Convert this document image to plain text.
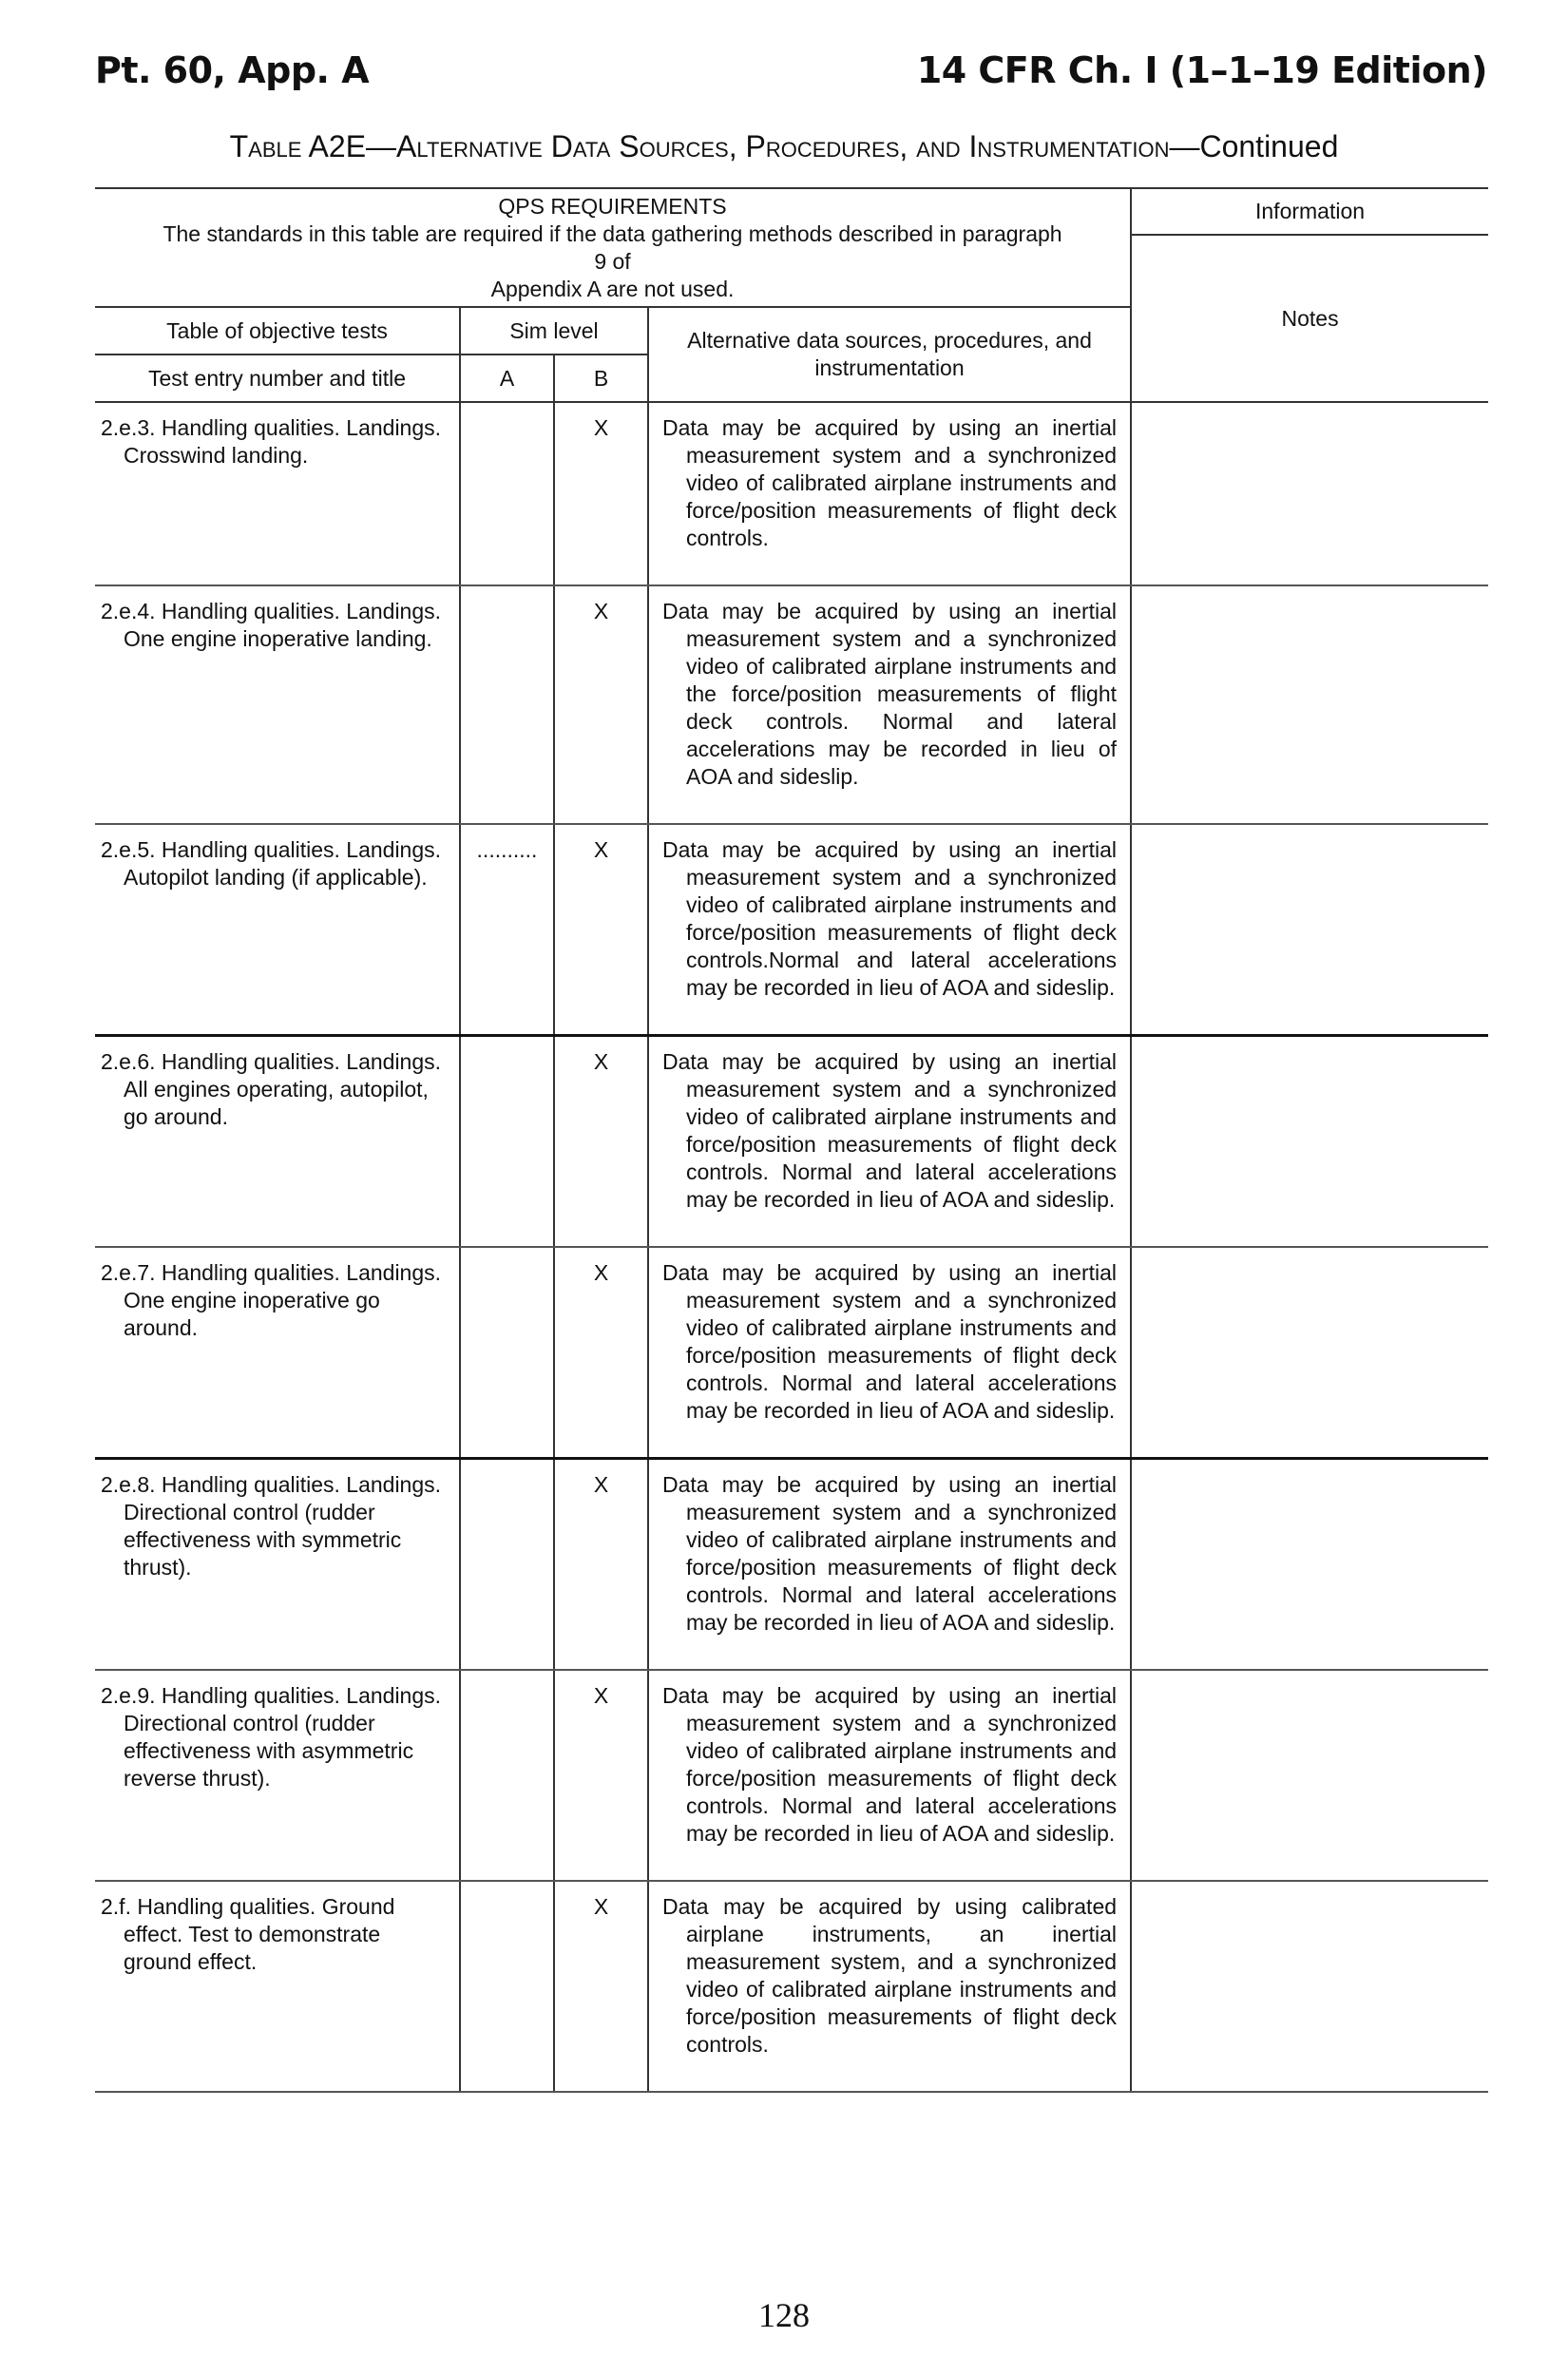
Pt. 60, App. A	14 CFR Ch. I (1–1–19 Edition)
Table A2E—Alternative Data Sources, Procedures, and Instrumentation—Continued
QPS REQUIREMENTS
The standards in this table are required if the data gathering methods described in paragraph
9 of
Appendix A are not used.				Information
				Notes
Table of objective tests	Sim level		Alternative data sources, procedures, and instrumentation	
Test entry number and title	A	B		
2.e.3. Handling qualities. Landings. Crosswind landing.		X	Data may be acquired by using an inertial measurement system and a synchronized video of calibrated airplane instruments and force/position measurements of flight deck controls.	

2.e.4. Handling qualities. Landings. One engine inoperative landing.		X	Data may be acquired by using an inertial measurement system and a synchronized video of calibrated airplane instruments and the force/position measurements of flight deck controls. Normal and lateral accelerations may be recorded in lieu of AOA and sideslip.	

2.e.5. Handling qualities. Landings. Autopilot landing (if applicable).	..........	X	Data may be acquired by using an inertial measurement system and a synchronized video of calibrated airplane instruments and force/position measurements of flight deck controls.Normal and lateral accelerations may be recorded in lieu of AOA and sideslip.	

2.e.6. Handling qualities. Landings. All engines operating, autopilot, go around.		X	Data may be acquired by using an inertial measurement system and a synchronized video of calibrated airplane instruments and force/position measurements of flight deck controls. Normal and lateral accelerations may be recorded in lieu of AOA and sideslip.	

2.e.7. Handling qualities. Landings. One engine inoperative go around.		X	Data may be acquired by using an inertial measurement system and a synchronized video of calibrated airplane instruments and force/position measurements of flight deck controls. Normal and lateral accelerations may be recorded in lieu of AOA and sideslip.	

2.e.8. Handling qualities. Landings. Directional control (rudder effectiveness with symmetric thrust).		X	Data may be acquired by using an inertial measurement system and a synchronized video of calibrated airplane instruments and force/position measurements of flight deck controls. Normal and lateral accelerations may be recorded in lieu of AOA and sideslip.	

2.e.9. Handling qualities. Landings. Directional control (rudder effectiveness with asymmetric reverse thrust).		X	Data may be acquired by using an inertial measurement system and a synchronized video of calibrated airplane instruments and force/position measurements of flight deck controls. Normal and lateral accelerations may be recorded in lieu of AOA and sideslip.	

2.f. Handling qualities. Ground effect. Test to demonstrate ground effect.		X	Data may be acquired by using calibrated airplane instruments, an inertial measurement system, and a synchronized video of calibrated airplane instruments and force/position measurements of flight deck controls.	

128
